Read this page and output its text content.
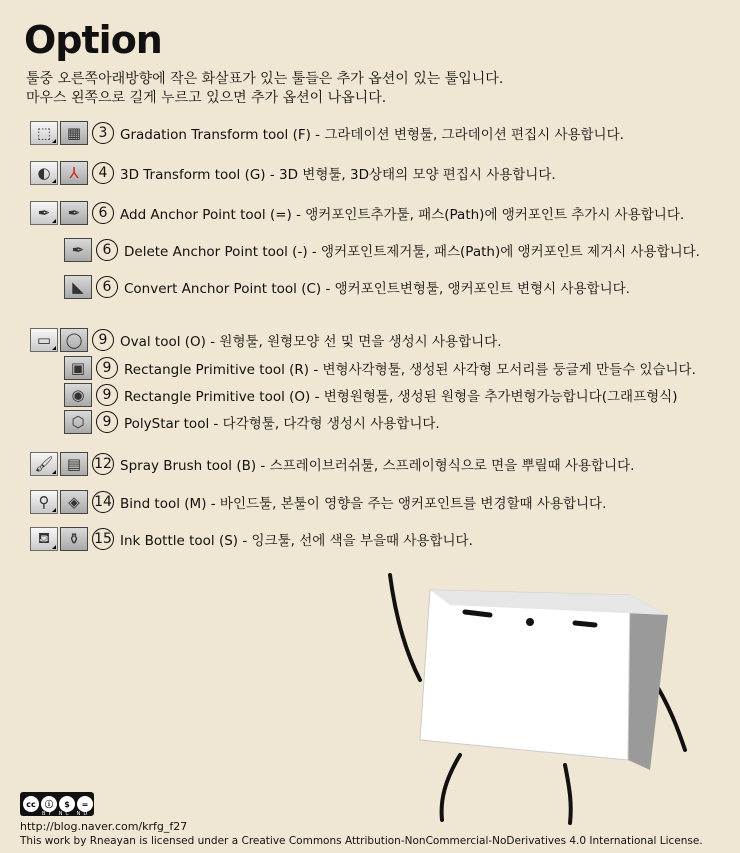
Option
툴중 오른쪽아래방향에 작은 화살표가 있는 툴들은 추가 옵션이 있는 툴입니다.
마우스 왼쪽으로 길게 누르고 있으면 추가 옵션이 나옵니다.
⬚	▦	3 Gradation Transform tool (F) - 그라데이션 변형툴, 그라데이션 편집시 사용합니다.
◐	⅄	4 3D Transform tool (G) - 3D 변형툴, 3D상태의 모양 편집시 사용합니다.
✒	✒	6 Add Anchor Point tool (=) - 앵커포인트추가툴, 패스(Path)에 앵커포인트 추가시 사용합니다.
✒	6 Delete Anchor Point tool (-) - 앵커포인트제거툴, 패스(Path)에 앵커포인트 제거시 사용합니다.
◣	6 Convert Anchor Point tool (C) - 앵커포인트변형툴, 앵커포인트 변형시 사용합니다.
▭ ◯	9 Oval tool (O) - 원형툴, 원형모양 선 및 면을 생성시 사용합니다.
▣	9 Rectangle Primitive tool (R) - 변형사각형툴, 생성된 사각형 모서리를 둥글게 만들수 있습니다.
◉	9 Rectangle Primitive tool (O) - 변형원형툴, 생성된 원형을 추가변형가능합니다(그래프형식)
⬡	9 PolyStar tool - 다각형툴, 다각형 생성시 사용합니다.
🖌 ▤ 12 Spray Brush tool (B) - 스프레이브러쉬툴, 스프레이형식으로 면을 뿌릴때 사용합니다.
⚲	◈	14 Bind tool (M) - 바인드툴, 본툴이 영향을 주는 앵커포인트를 변경할때 사용합니다.
⛾	⚱ 15 Ink Bottle tool (S) - 잉크툴, 선에 색을 부을때 사용합니다.
cc	ⓘ	$	=
BY NC ND
http://blog.naver.com/krfg_f27
This work by Rneayan is licensed under a Creative Commons Attribution-NonCommercial-NoDerivatives 4.0 International License.
